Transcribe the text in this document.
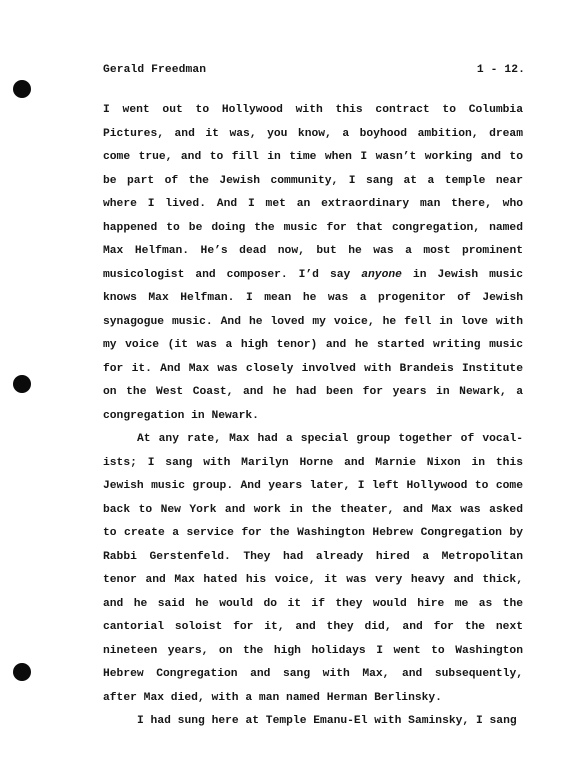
Gerald Freedman	1 - 12.

I went out to Hollywood with this contract to Columbia Pictures, and it was, you know, a boyhood ambition, dream come true, and to fill in time when I wasn’t working and to be part of the Jewish community, I sang at a temple near where I lived. And I met an extraordinary man there, who happened to be doing the music for that congregation, named Max Helfman. He’s dead now, but he was a most prominent musicologist and composer. I’d say anyone in Jewish music knows Max Helfman. I mean he was a progenitor of Jewish synagogue music. And he loved my voice, he fell in love with my voice (it was a high tenor) and he started writing music for it. And Max was closely involved with Brandeis Institute on the West Coast, and he had been for years in Newark, a congregation in Newark.

At any rate, Max had a special group together of vocal-ists; I sang with Marilyn Horne and Marnie Nixon in this Jewish music group. And years later, I left Hollywood to come back to New York and work in the theater, and Max was asked to create a service for the Washington Hebrew Congregation by Rabbi Gerstenfeld. They had already hired a Metropolitan tenor and Max hated his voice, it was very heavy and thick, and he said he would do it if they would hire me as the cantorial soloist for it, and they did, and for the next nineteen years, on the high holidays I went to Washington Hebrew Congregation and sang with Max, and subsequently, after Max died, with a man named Herman Berlinsky.

I had sung here at Temple Emanu-El with Saminsky, I sang
